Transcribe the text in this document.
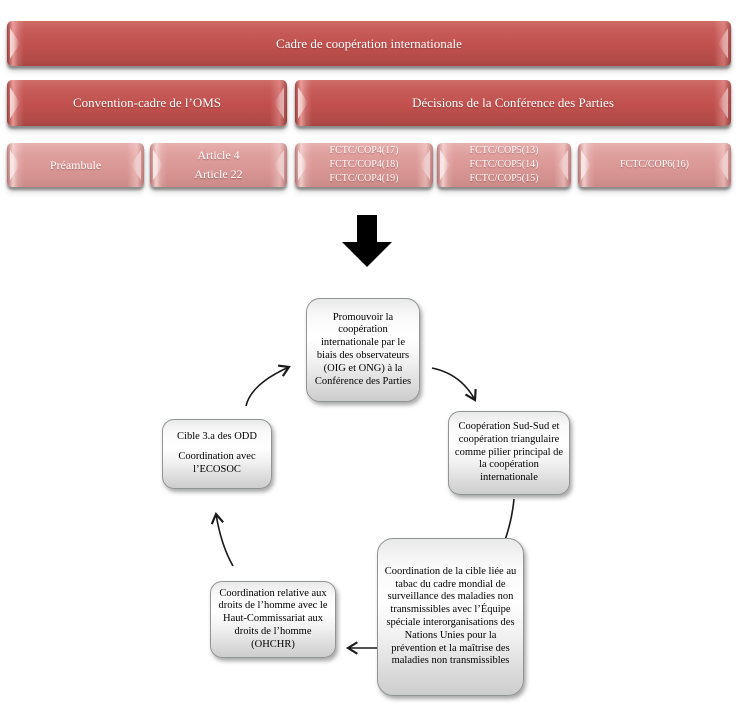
Cadre de coopération internationale
Convention-cadre de l’OMS	Décisions de la Conférence des Parties
Préambule
Article 4
Article 22
FCTC/COP4(17)
FCTC/COP4(18)
FCTC/COP4(19)
FCTC/COP5(13)
FCTC/COP5(14)
FCTC/COP5(15)
FCTC/COP6(16)
Promouvoir la coopération internationale par le biais des observateurs (OIG et ONG) à la Conférence des Parties
Coopération Sud-Sud et coopération triangulaire comme pilier principal de la coopération internationale
Coordination de la cible liée au tabac du cadre mondial de surveillance des maladies non transmissibles avec l’Équipe spéciale interorganisations des Nations Unies pour la prévention et la maîtrise des maladies non transmissibles
Coordination relative aux droits de l’homme avec le Haut-Commissariat aux droits de l’homme (OHCHR)
Cible 3.a des ODD
Coordination avec l’ECOSOC
